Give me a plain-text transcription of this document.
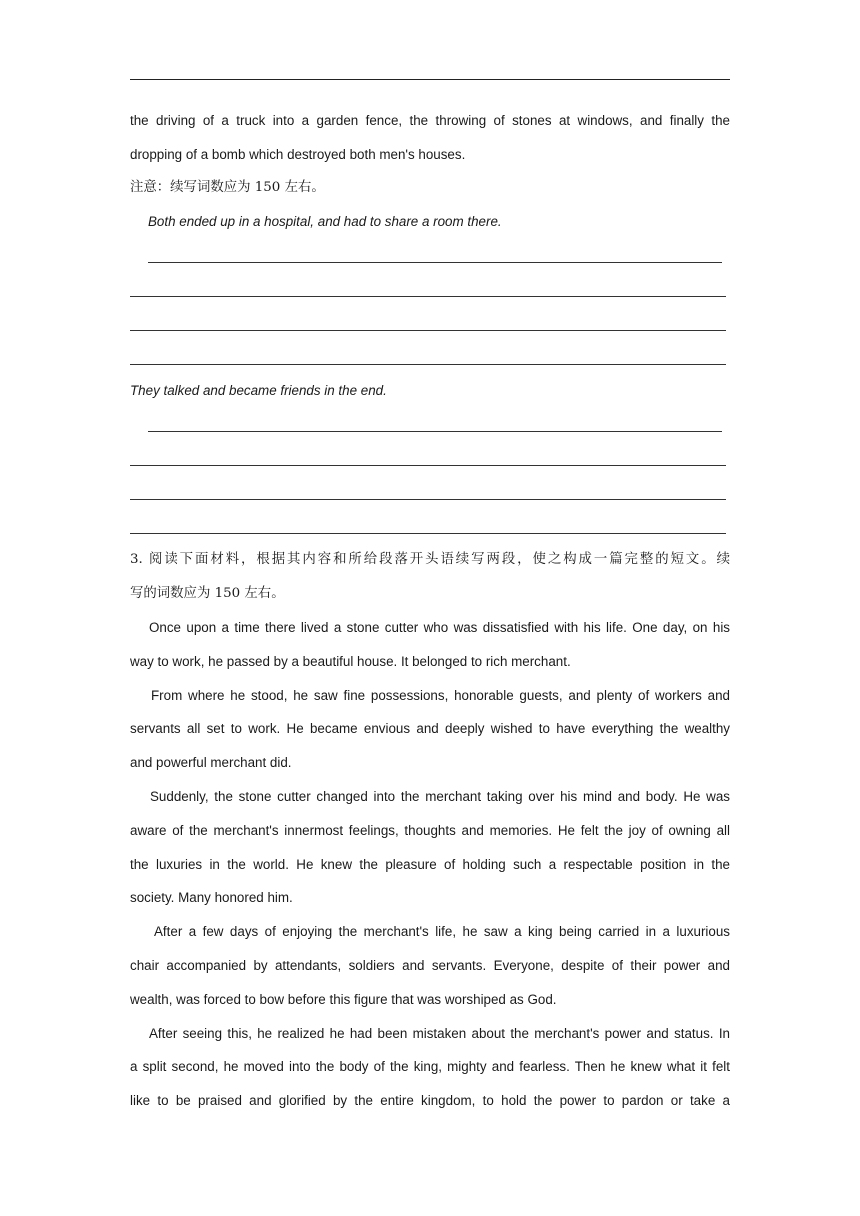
the driving of a truck into a garden fence, the throwing of stones at windows, and finally the
dropping of a bomb which destroyed both men's houses.
注意：续写词数应为 150 左右。
Both ended up in a hospital, and had to share a room there.
They talked and became friends in the end.
3. 阅读下面材料，根据其内容和所给段落开头语续写两段，使之构成一篇完整的短文。续
写的词数应为 150 左右。
Once upon a time there lived a stone cutter who was dissatisfied with his life. One day, on his
way to work, he passed by a beautiful house. It belonged to rich merchant.
From where he stood, he saw fine possessions, honorable guests, and plenty of workers and
servants all set to work. He became envious and deeply wished to have everything the wealthy
and powerful merchant did.
Suddenly, the stone cutter changed into the merchant taking over his mind and body. He was
aware of the merchant's innermost feelings, thoughts and memories. He felt the joy of owning all
the luxuries in the world. He knew the pleasure of holding such a respectable position in the
society. Many honored him.
After a few days of enjoying the merchant's life, he saw a king being carried in a luxurious
chair accompanied by attendants, soldiers and servants. Everyone, despite of their power and
wealth, was forced to bow before this figure that was worshiped as God.
After seeing this, he realized he had been mistaken about the merchant's power and status. In
a split second, he moved into the body of the king, mighty and fearless. Then he knew what it felt
like to be praised and glorified by the entire kingdom, to hold the power to pardon or take a
